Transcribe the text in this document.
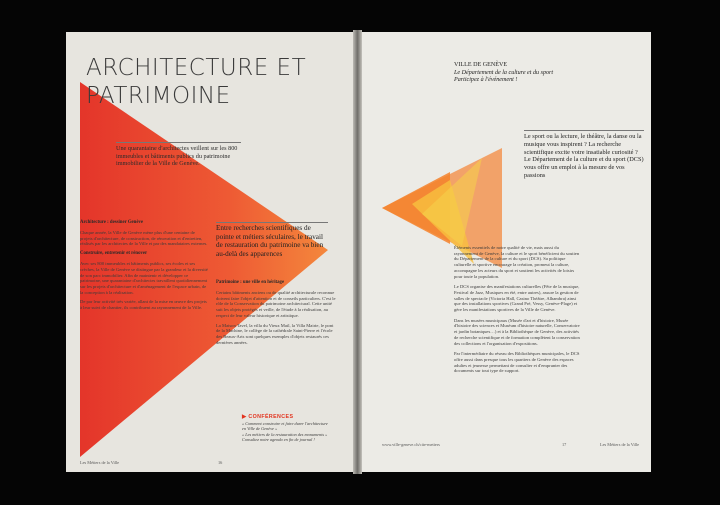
ARCHITECTURE ET PATRIMOINE

Une quarantaine d'architectes veillent sur les 800 immeubles et bâtiments publics du patrimoine immobilier de la Ville de Genève.

Architecture : dessiner Genève

Chaque année, la Ville de Genève mène plus d'une centaine de projets d'architecture, de construction, de rénovation et d'entretien, réalisés par les architectes de la Ville et par des mandataires externes.

Construire, entretenir et rénover

Avec ses 800 immeubles et bâtiments publics, ses écoles et ses crèches, la Ville de Genève se distingue par la grandeur et la diversité de son parc immobilier. Afin de maintenir et développer ce patrimoine, une quarantaine d'architectes travaillent quotidiennement sur les projets d'architecture et d'aménagement de l'espace urbain, de la conception à la réalisation.

De par leur activité très variée, allant de la mise en œuvre des projets à leur suivi de chantier, ils contribuent au rayonnement de la Ville.

Entre recherches scientifiques de pointe et métiers séculaires, le travail de restauration du patrimoine va bien au-delà des apparences

Patrimoine : une ville en héritage

Certains bâtiments anciens ou de qualité architecturale reconnue doivent faire l'objet d'attention et de conseils particuliers. C'est le rôle de la Conservation du patrimoine architectural. Cette unité suit les objets protégés et veille, de l'étude à la réalisation, au respect de leur valeur historique et artistique.

La Maison Tavel, la villa du Vieux Mail, la Villa Mairie, le pont de la Machine, le collège de la cathédrale Saint-Pierre et l'école des Beaux-Arts sont quelques exemples d'objets restaurés ces dernières années.

▶ CONFÉRENCES
« Comment construire et faire durer l'architecture en Ville de Genève »
« Les métiers de la restauration des monuments »
Consultez notre agenda en fin de journal !
Les Métiers de la Ville	16
VILLE DE GENÈVE
Le Département de la culture et du sport
Participez à l'événement !

Le sport ou la lecture, le théâtre, la danse ou la musique vous inspirent ? La recherche scientifique excite votre insatiable curiosité ? Le Département de la culture et du sport (DCS) vous offre un emploi à la mesure de vos passions

Éléments essentiels de notre qualité de vie, mais aussi du rayonnement de Genève, la culture et le sport bénéficient du soutien du Département de la culture et du sport (DCS). Sa politique culturelle et sportive encourage la création, promeut la culture, accompagne les acteurs du sport et soutient les activités de loisirs pour toute la population.

Le DCS organise des manifestations culturelles (Fête de la musique, Festival de Jazz, Musiques en été, entre autres), assure la gestion de salles de spectacle (Victoria Hall, Casino Théâtre, Alhambra) ainsi que des installations sportives (Grand Pré, Vessy, Genève-Plage) et gère les manifestations sportives de la Ville de Genève.

Dans les musées municipaux (Musée d'art et d'histoire, Musée d'histoire des sciences et Muséum d'histoire naturelle, Conservatoire et jardin botaniques…) et à la Bibliothèque de Genève, des activités de recherche scientifique et de formation complètent la conservation des collections et l'organisation d'expositions.

Par l'intermédiaire du réseau des Bibliothèques municipales, le DCS offre aussi dans presque tous les quartiers de Genève des espaces adultes et jeunesse permettant de consulter et d'emprunter des documents sur tout type de support.

www.ville-geneve.ch/cite-metiers	17	Les Métiers de la Ville
